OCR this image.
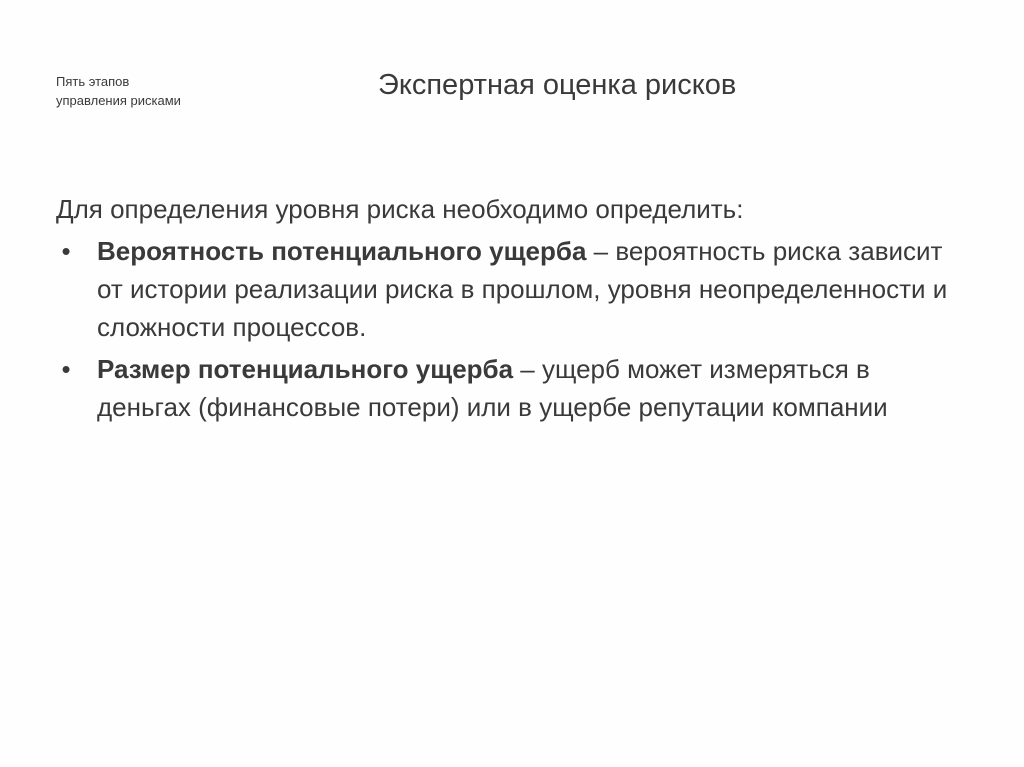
Пять этапов
управления рисками	Экспертная оценка рисков

Для определения уровня риска необходимо определить:

• Вероятность потенциального ущерба – вероятность риска зависит от истории реализации риска в прошлом, уровня неопределенности и сложности процессов.
• Размер потенциального ущерба – ущерб может измеряться в деньгах (финансовые потери) или в ущербе репутации компании
